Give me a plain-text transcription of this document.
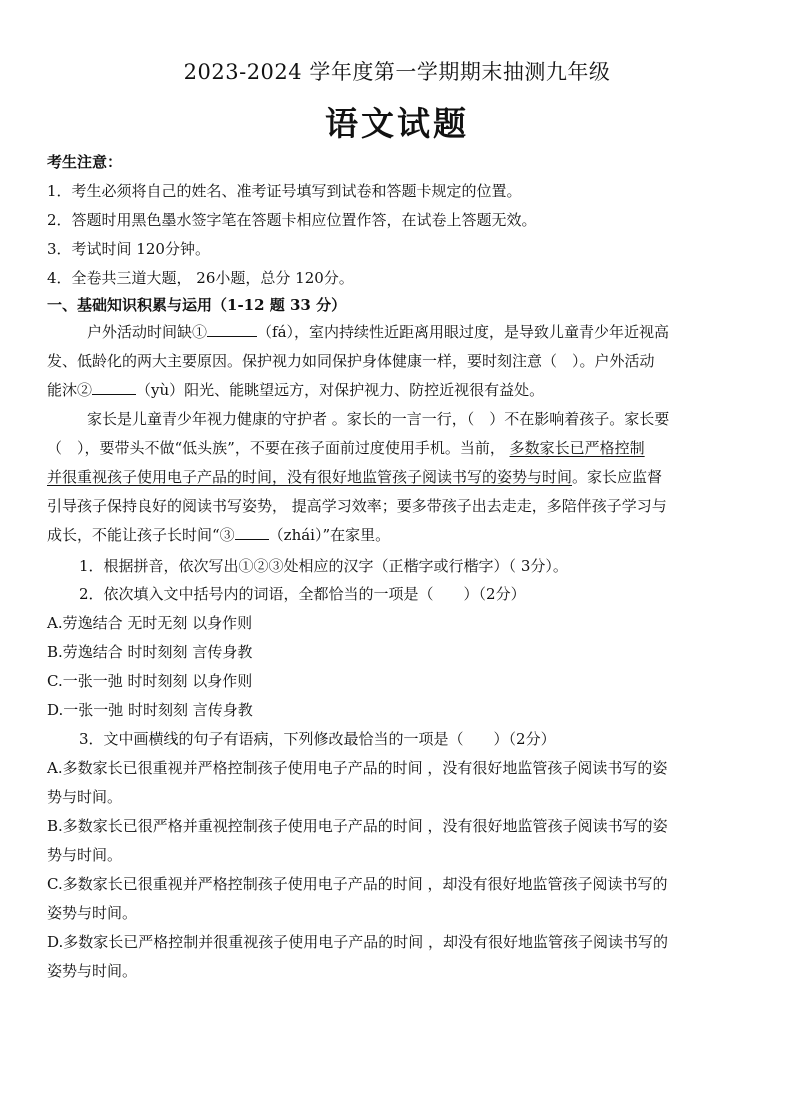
2023-2024 学年度第一学期期末抽测九年级
语文试题
考生注意：
1．考生必须将自己的姓名、准考证号填写到试卷和答题卡规定的位置。
2．答题时用黑色墨水签字笔在答题卡相应位置作答，在试卷上答题无效。
3．考试时间 120分钟。
4．全卷共三道大题， 26小题，总分 120分。
一、基础知识积累与运用（1-12 题 33 分）
户外活动时间缺①	（fá），室内持续性近距离用眼过度，是导致儿童青少年近视高
发、低龄化的两大主要原因。保护视力如同保护身体健康一样，要时刻注意（　）。户外活动
能沐②	（yù）阳光、能眺望远方，对保护视力、防控近视很有益处。
家长是儿童青少年视力健康的守护者 。家长的一言一行，（　）不在影响着孩子。家长要
（　），要带头不做“低头族”，不要在孩子面前过度使用手机。当前， 多数家长已严格控制
并很重视孩子使用电子产品的时间，没有很好地监管孩子阅读书写的姿势与时间。家长应监督
引导孩子保持良好的阅读书写姿势， 提高学习效率；要多带孩子出去走走，多陪伴孩子学习与
成长，不能让孩子长时间“③ （zhái）”在家里。
1．根据拼音，依次写出①②③处相应的汉字（正楷字或行楷字）（ 3分）。
2．依次填入文中括号内的词语，全都恰当的一项是（　　）（2分）
A.劳逸结合 无时无刻 以身作则
B.劳逸结合 时时刻刻 言传身教
C.一张一弛 时时刻刻 以身作则
D.一张一弛 时时刻刻 言传身教
3．文中画横线的句子有语病，下列修改最恰当的一项是（　　）（2分）
A.多数家长已很重视并严格控制孩子使用电子产品的时间 ，没有很好地监管孩子阅读书写的姿
势与时间。
B.多数家长已很严格并重视控制孩子使用电子产品的时间 ，没有很好地监管孩子阅读书写的姿
势与时间。
C.多数家长已很重视并严格控制孩子使用电子产品的时间 ，却没有很好地监管孩子阅读书写的
姿势与时间。
D.多数家长已严格控制并很重视孩子使用电子产品的时间 ，却没有很好地监管孩子阅读书写的
姿势与时间。
